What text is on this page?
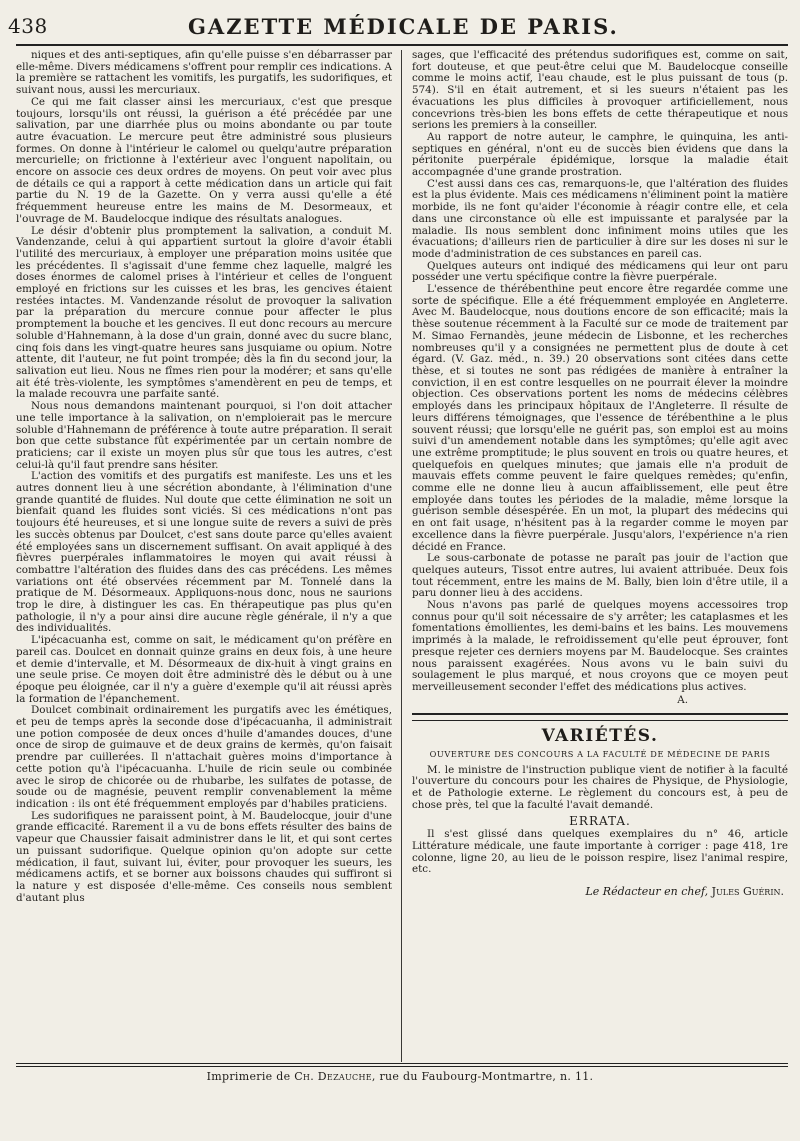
438	GAZETTE MÉDICALE DE PARIS.

niques et des anti-septiques, afin qu'elle puisse s'en débarrasser par elle-même. Divers médicamens s'offrent pour remplir ces indications. A la première se rattachent les vomitifs, les purgatifs, les sudorifiques, et suivant nous, aussi les mercuriaux.

Ce qui me fait classer ainsi les mercuriaux, c'est que presque toujours, lorsqu'ils ont réussi, la guérison a été précédée par une salivation, par une diarrhée plus ou moins abondante ou par toute autre évacuation. Le mercure peut être administré sous plusieurs formes. On donne à l'intérieur le calomel ou quelqu'autre préparation mercurielle; on frictionne à l'extérieur avec l'onguent napolitain, ou encore on associe ces deux ordres de moyens. On peut voir avec plus de détails ce qui a rapport à cette médication dans un article qui fait partie du N. 19 de la Gazette. On y verra aussi qu'elle a été fréquemment heureuse entre les mains de M. Desormeaux, et l'ouvrage de M. Baudelocque indique des résultats analogues.

Le désir d'obtenir plus promptement la salivation, a conduit M. Vandenzande, celui à qui appartient surtout la gloire d'avoir établi l'utilité des mercuriaux, à employer une préparation moins usitée que les précédentes. Il s'agissait d'une femme chez laquelle, malgré les doses énormes de calomel prises à l'intérieur et celles de l'onguent employé en frictions sur les cuisses et les bras, les gencives étaient restées intactes. M. Vandenzande résolut de provoquer la salivation par la préparation du mercure connue pour affecter le plus promptement la bouche et les gencives. Il eut donc recours au mercure soluble d'Hahnemann, à la dose d'un grain, donné avec du sucre blanc, cinq fois dans les vingt-quatre heures sans jusquiame ou opium. Notre attente, dit l'auteur, ne fut point trompée; dès la fin du second jour, la salivation eut lieu. Nous ne fîmes rien pour la modérer; et sans qu'elle ait été très-violente, les symptômes s'amendèrent en peu de temps, et la malade recouvra une parfaite santé.

Nous nous demandons maintenant pourquoi, si l'on doit attacher une telle importance à la salivation, on n'emploierait pas le mercure soluble d'Hahnemann de préférence à toute autre préparation. Il serait bon que cette substance fût expérimentée par un certain nombre de praticiens; car il existe un moyen plus sûr que tous les autres, c'est celui-là qu'il faut prendre sans hésiter.

L'action des vomitifs et des purgatifs est manifeste. Les uns et les autres donnent lieu à une sécrétion abondante, à l'élimination d'une grande quantité de fluides. Nul doute que cette élimination ne soit un bienfait quand les fluides sont viciés. Si ces médications n'ont pas toujours été heureuses, et si une longue suite de revers a suivi de près les succès obtenus par Doulcet, c'est sans doute parce qu'elles avaient été employées sans un discernement suffisant. On avait appliqué à des fièvres puerpérales inflammatoires le moyen qui avait réussi à combattre l'altération des fluides dans des cas précédens. Les mêmes variations ont été observées récemment par M. Tonnelé dans la pratique de M. Désormeaux. Appliquons-nous donc, nous ne saurions trop le dire, à distinguer les cas. En thérapeutique pas plus qu'en pathologie, il n'y a pour ainsi dire aucune règle générale, il n'y a que des individualités.

L'ipécacuanha est, comme on sait, le médicament qu'on préfère en pareil cas. Doulcet en donnait quinze grains en deux fois, à une heure et demie d'intervalle, et M. Désormeaux de dix-huit à vingt grains en une seule prise. Ce moyen doit être administré dès le début ou à une époque peu éloignée, car il n'y a guère d'exemple qu'il ait réussi après la formation de l'épanchement.

Doulcet combinait ordinairement les purgatifs avec les émétiques, et peu de temps après la seconde dose d'ipécacuanha, il administrait une potion composée de deux onces d'huile d'amandes douces, d'une once de sirop de guimauve et de deux grains de kermès, qu'on faisait prendre par cuillerées. Il n'attachait guères moins d'importance à cette potion qu'à l'ipécacuanha. L'huile de ricin seule ou combinée avec le sirop de chicorée ou de rhubarbe, les sulfates de potasse, de soude ou de magnésie, peuvent remplir convenablement la même indication : ils ont été fréquemment employés par d'habiles praticiens.

Les sudorifiques ne paraissent point, à M. Baudelocque, jouir d'une grande efficacité. Rarement il a vu de bons effets résulter des bains de vapeur que Chaussier faisait administrer dans le lit, et qui sont certes un puissant sudorifique. Quelque opinion qu'on adopte sur cette médication, il faut, suivant lui, éviter, pour provoquer les sueurs, les médicamens actifs, et se borner aux boissons chaudes qui suffiront si la nature y est disposée d'elle-même. Ces conseils nous semblent d'autant plus

sages, que l'efficacité des prétendus sudorifiques est, comme on sait, fort douteuse, et que peut-être celui que M. Baudelocque conseille comme le moins actif, l'eau chaude, est le plus puissant de tous (p. 574). S'il en était autrement, et si les sueurs n'étaient pas les évacuations les plus difficiles à provoquer artificiellement, nous concevrions très-bien les bons effets de cette thérapeutique et nous serions les premiers à la conseiller.

Au rapport de notre auteur, le camphre, le quinquina, les anti-septiques en général, n'ont eu de succès bien évidens que dans la péritonite puerpérale épidémique, lorsque la maladie était accompagnée d'une grande prostration.

C'est aussi dans ces cas, remarquons-le, que l'altération des fluides est la plus évidente. Mais ces médicamens n'éliminent point la matière morbide, ils ne font qu'aider l'économie à réagir contre elle, et cela dans une circonstance où elle est impuissante et paralysée par la maladie. Ils nous semblent donc infiniment moins utiles que les évacuations; d'ailleurs rien de particulier à dire sur les doses ni sur le mode d'administration de ces substances en pareil cas.

Quelques auteurs ont indiqué des médicamens qui leur ont paru posséder une vertu spécifique contre la fièvre puerpérale.

L'essence de thérébenthine peut encore être regardée comme une sorte de spécifique. Elle a été fréquemment employée en Angleterre. Avec M. Baudelocque, nous doutions encore de son efficacité; mais la thèse soutenue récemment à la Faculté sur ce mode de traitement par M. Simao Fernandès, jeune médecin de Lisbonne, et les recherches nombreuses qu'il y a consignées ne permettent plus de doute à cet égard. (V. Gaz. méd., n. 39.) 20 observations sont citées dans cette thèse, et si toutes ne sont pas rédigées de manière à entraîner la conviction, il en est contre lesquelles on ne pourrait élever la moindre objection. Ces observations portent les noms de médecins célèbres employés dans les principaux hôpitaux de l'Angleterre. Il résulte de leurs différens témoignages, que l'essence de térébenthine a le plus souvent réussi; que lorsqu'elle ne guérit pas, son emploi est au moins suivi d'un amendement notable dans les symptômes; qu'elle agit avec une extrême promptitude; le plus souvent en trois ou quatre heures, et quelquefois en quelques minutes; que jamais elle n'a produit de mauvais effets comme peuvent le faire quelques remèdes; qu'enfin, comme elle ne donne lieu à aucun affaiblissement, elle peut être employée dans toutes les périodes de la maladie, même lorsque la guérison semble désespérée. En un mot, la plupart des médecins qui en ont fait usage, n'hésitent pas à la regarder comme le moyen par excellence dans la fièvre puerpérale. Jusqu'alors, l'expérience n'a rien décidé en France.

Le sous-carbonate de potasse ne paraît pas jouir de l'action que quelques auteurs, Tissot entre autres, lui avaient attribuée. Deux fois tout récemment, entre les mains de M. Bally, bien loin d'être utile, il a paru donner lieu à des accidens.

Nous n'avons pas parlé de quelques moyens accessoires trop connus pour qu'il soit nécessaire de s'y arrêter; les cataplasmes et les fomentations émollientes, les demi-bains et les bains. Les mouvemens imprimés à la malade, le refroidissement qu'elle peut éprouver, font presque rejeter ces derniers moyens par M. Baudelocque. Ses craintes nous paraissent exagérées. Nous avons vu le bain suivi du soulagement le plus marqué, et nous croyons que ce moyen peut merveilleusement seconder l'effet des médications plus actives.

A.
VARIÉTÉS.
OUVERTURE DES CONCOURS A LA FACULTÉ DE MÉDECINE DE PARIS

M. le ministre de l'instruction publique vient de notifier à la faculté l'ouverture du concours pour les chaires de Physique, de Physiologie, et de Pathologie externe. Le règlement du concours est, à peu de chose près, tel que la faculté l'avait demandé.

ERRATA.

Il s'est glissé dans quelques exemplaires du n° 46, article Littérature médicale, une faute importante à corriger : page 418, 1re colonne, ligne 20, au lieu de le poisson respire, lisez l'animal respire, etc.

Le Rédacteur en chef, Jules Guérin.
Imprimerie de Ch. Dezauche, rue du Faubourg-Montmartre, n. 11.
